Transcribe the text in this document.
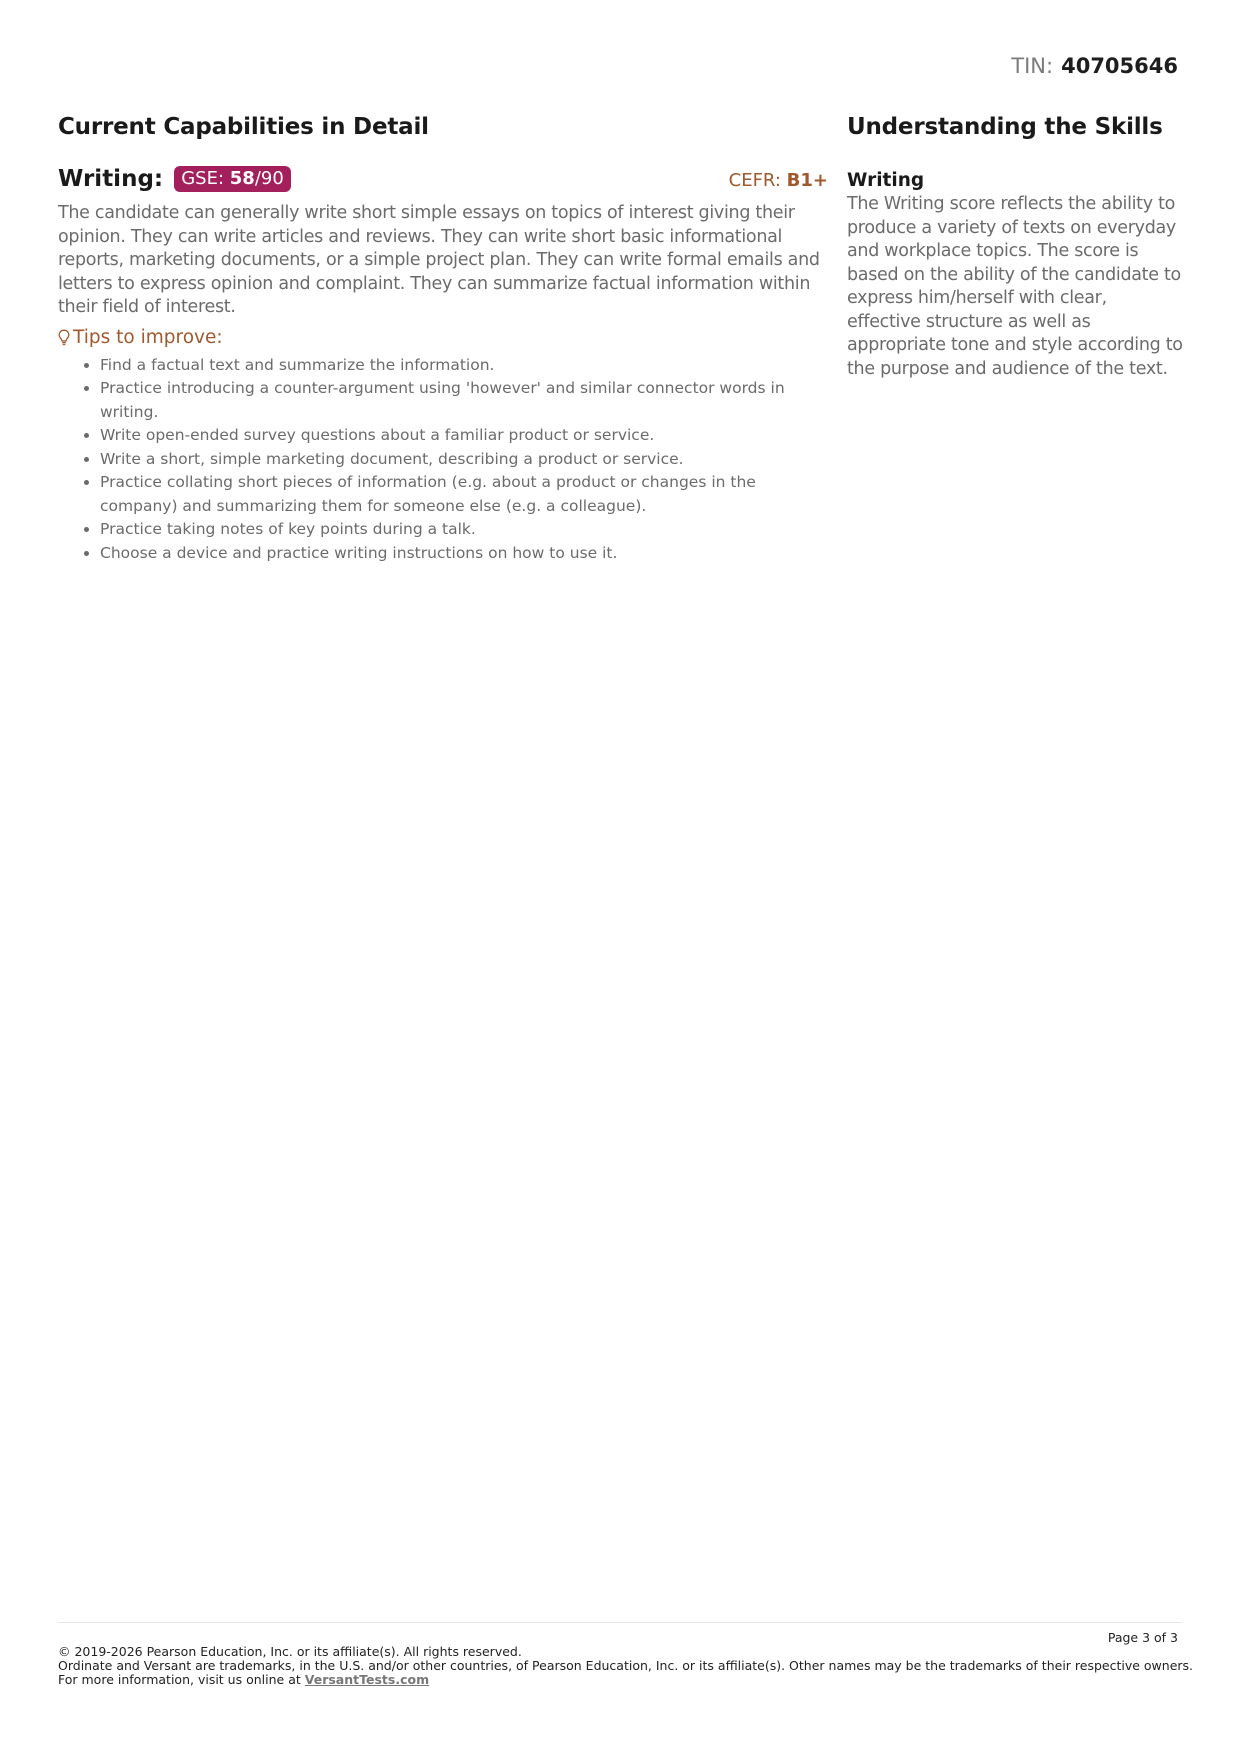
TIN: 40705646
Current Capabilities in Detail
Writing: GSE: 58/90	CEFR: B1+

The candidate can generally write short simple essays on topics of interest giving their opinion. They can write articles and reviews. They can write short basic informational reports, marketing documents, or a simple project plan. They can write formal emails and letters to express opinion and complaint. They can summarize factual information within their field of interest.

Tips to improve:
• Find a factual text and summarize the information.
• Practice introducing a counter-argument using 'however' and similar connector words in writing.
• Write open-ended survey questions about a familiar product or service.
• Write a short, simple marketing document, describing a product or service.
• Practice collating short pieces of information (e.g. about a product or changes in the company) and summarizing them for someone else (e.g. a colleague).
• Practice taking notes of key points during a talk.
• Choose a device and practice writing instructions on how to use it.
Understanding the Skills
Writing

The Writing score reflects the ability to produce a variety of texts on everyday and workplace topics. The score is based on the ability of the candidate to express him/herself with clear, effective structure as well as appropriate tone and style according to the purpose and audience of the text.

Page 3 of 3
© 2019-2026 Pearson Education, Inc. or its affiliate(s). All rights reserved.
Ordinate and Versant are trademarks, in the U.S. and/or other countries, of Pearson Education, Inc. or its affiliate(s). Other names may be the trademarks of their respective owners.
For more information, visit us online at VersantTests.com
